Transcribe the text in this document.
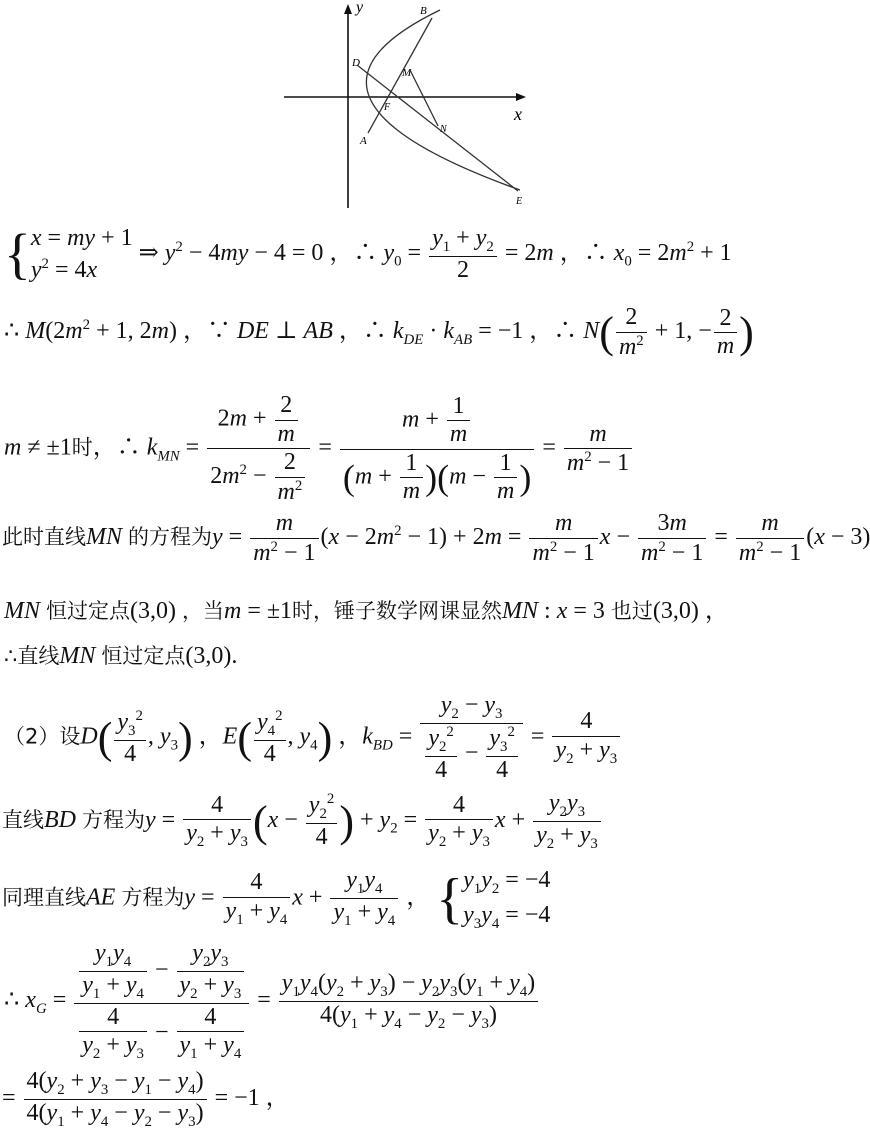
y
x
B
D
M
F
N
A
E
{ x = my + 1
$y^2 = 4x$
⇒ $y^2 - 4my - 4 = 0$ ，∴ $y_0 = \frac{y_1 + y_2}{2} = 2m$ ，∴ $x_0 = 2m^2 + 1$
∴ $M(2m^2 + 1$, 2m) ，∵ DE ⊥ AB ，∴ $k_{DE} \cdot k_{AB} = -1$ ，∴ $N( \frac{2}{m^2} + 1$, − $\frac{2}{m}$ )
m ≠ ±1时，∴ $k_{MN} = \frac{2m + \frac{2}{m}}{2m^2 - \frac{2}{m^2}} = \frac{m + \frac{1}{m}}{(m + \frac{1}{m} )(m - \frac{1}{m} )} = \frac{m}{m^2 - 1}$
此时直线MN 的方程为$y = \frac{m}{m^2 - 1} (x - 2m^2 - 1) + 2m = \frac{m}{m^2 - 1}$ $x - \frac{3m}{m^2 - 1} = \frac{m}{m^2 - 1} (x - 3)$
MN 恒过定点(3,0) ，当m = ±1时，锤子数学网课显然MN : x = 3 也过(3,0) ，
∴直线MN 恒过定点(3,0).
（2）设$D( \frac{y_3^2}{4}$ , $y_3$) ，$E( \frac{y_4^2}{4}$ , $y_4$) ，$k_{BD} = \frac{y_2 - y_3}{\frac{y_2^2}{4} - \frac{y_3^2}{4}} = \frac{4}{y_2 + y_3}$
直线BD 方程为$y = \frac{4}{y_2 + y_3} (x - \frac{y_2^2}{4}$ ) + $y_2 = \frac{4}{y_2 + y_3}$ $x + \frac{y_2y_3}{y_2 + y_3}$
同理直线AE 方程为$y = \frac{4}{y_1 + y_4}$ $x + \frac{y_1y_4}{y_1 + y_4}$ ， { $y_1y_2 = -4$
$y_3y_4 = -4$
∴ $x_G = \frac{\frac{y_1y_4}{y_1 + y_4} - \frac{y_2y_3}{y_2 + y_3}}{\frac{4}{y_2 + y_3} - \frac{4}{y_1 + y_4}} = \frac{y_1y_4(y_2 + y_3) - y_2y_3(y_1 + y_4)}{4(y_1 + y_4 - y_2 - y_3)}$
= $\frac{4(y_2 + y_3 - y_1 - y_4)}{4(y_1 + y_4 - y_2 - y_3)} = -1$ ，
